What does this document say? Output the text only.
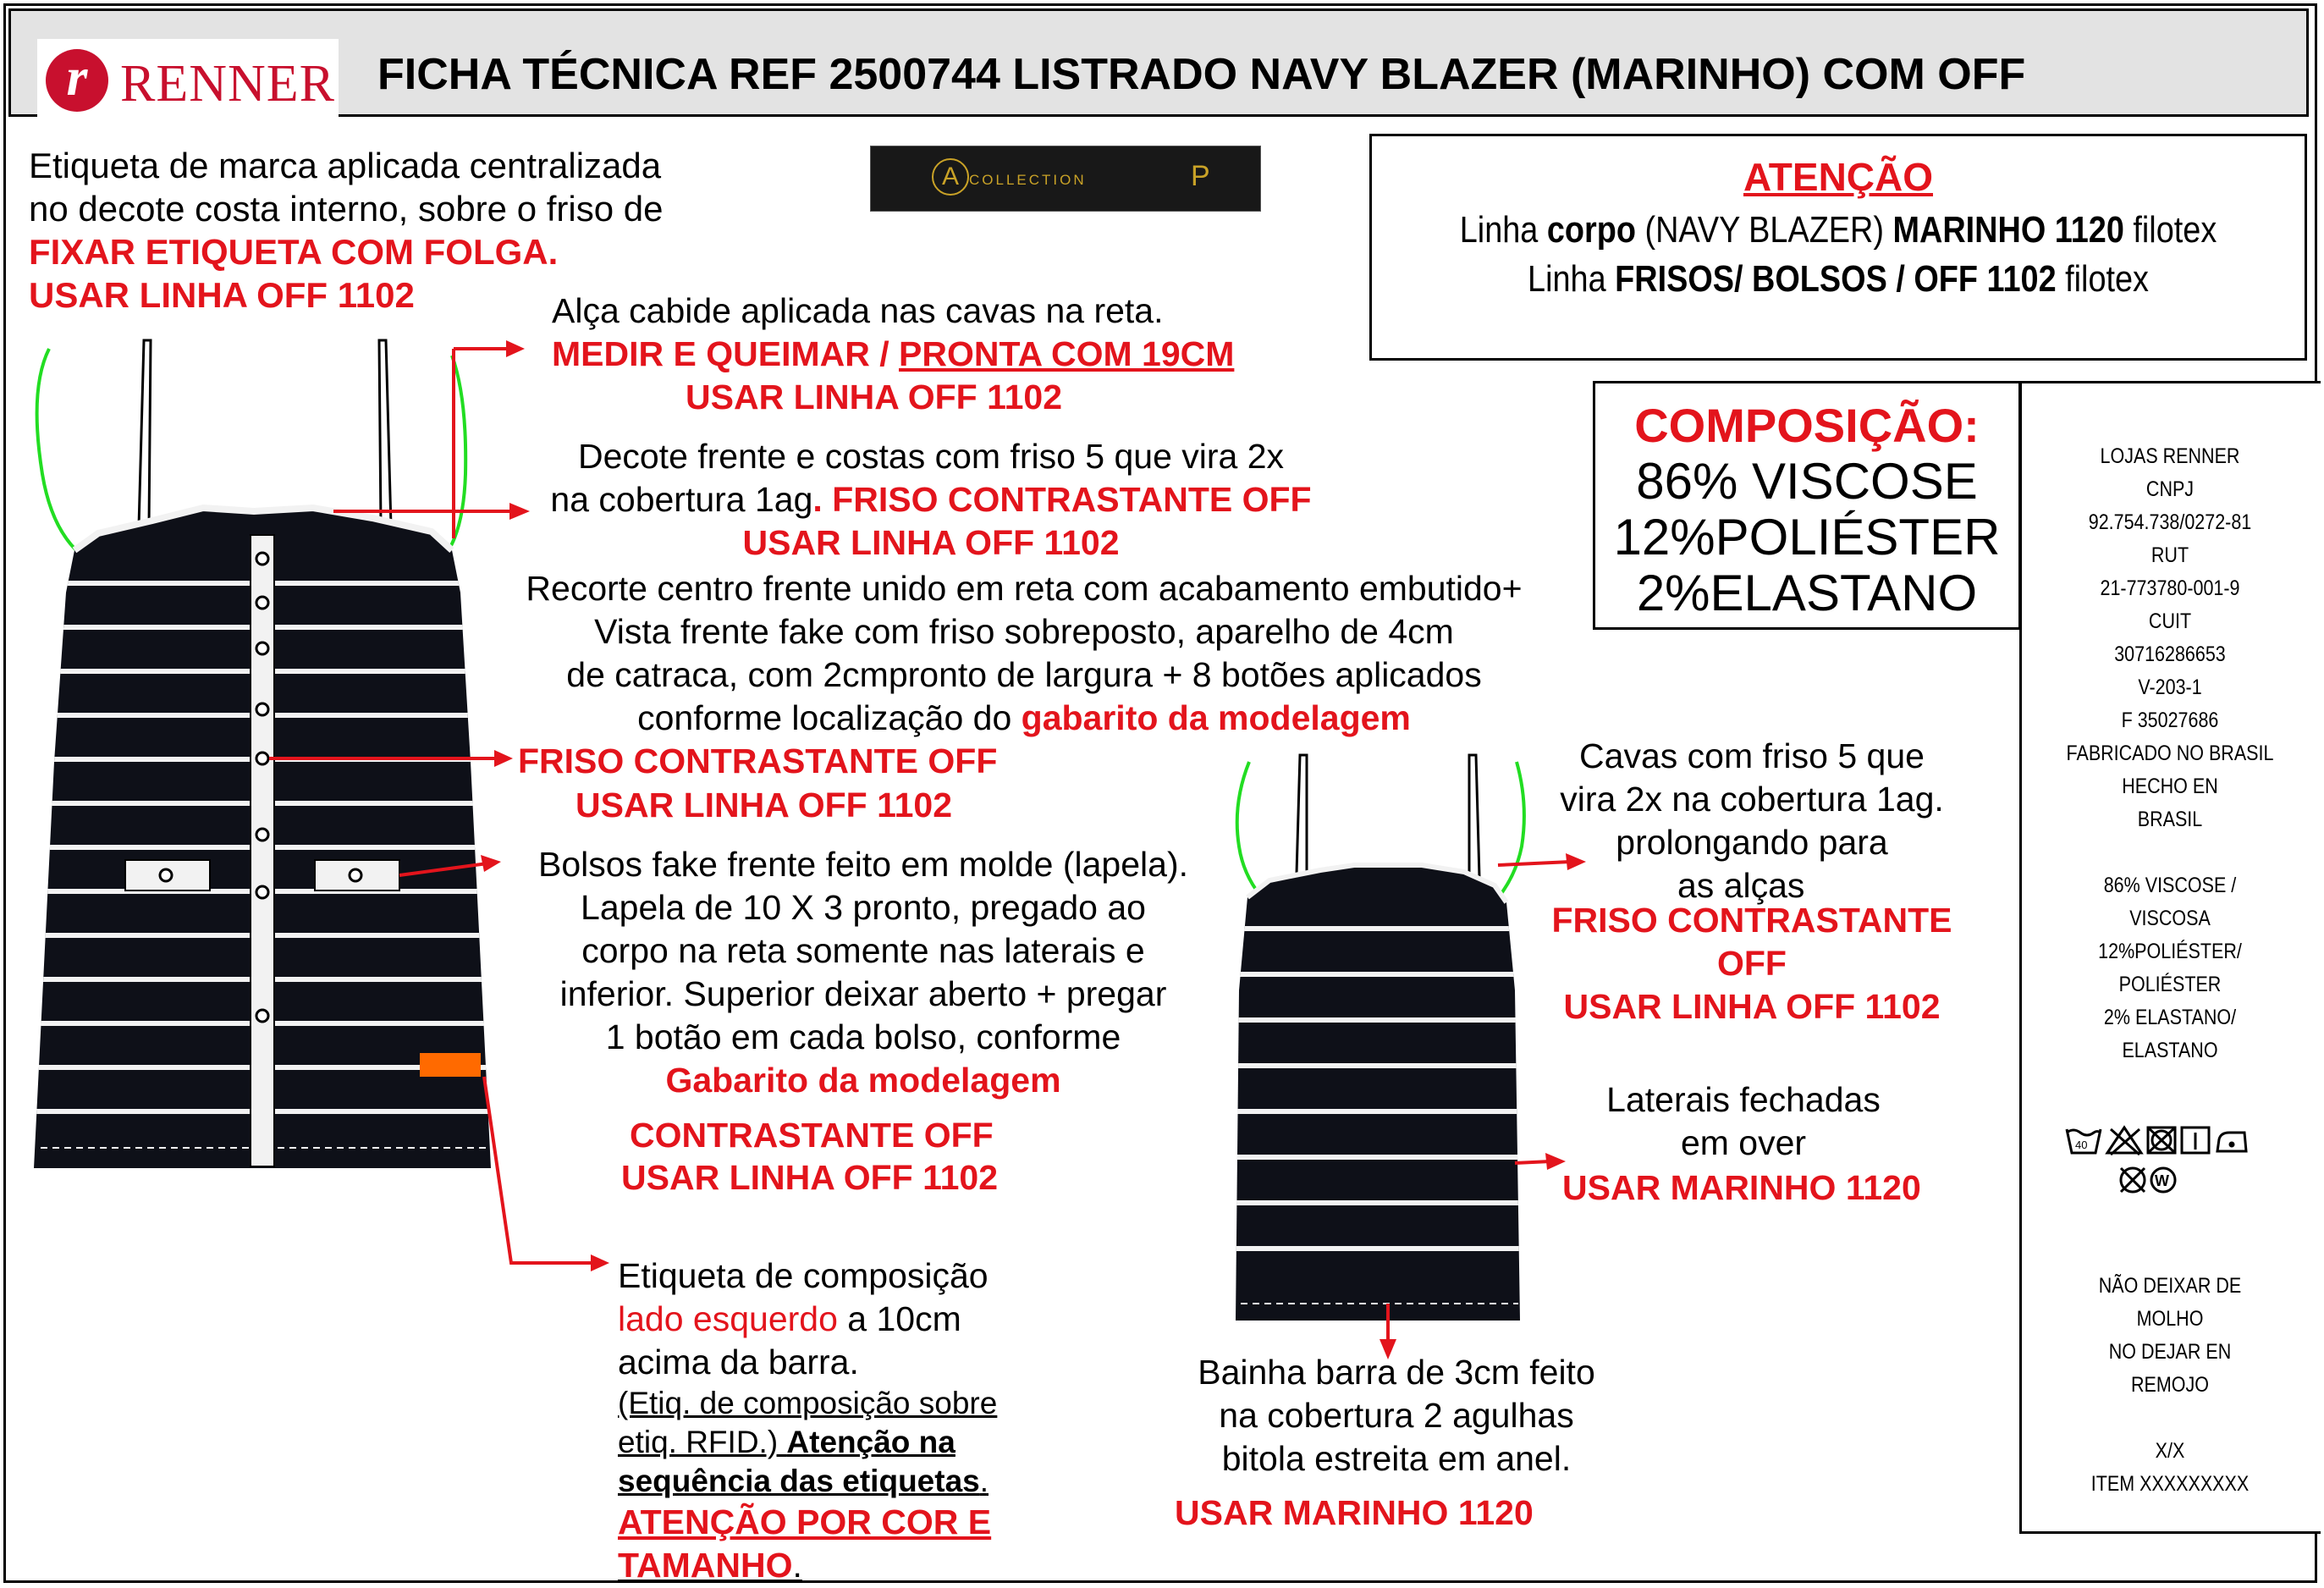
r RENNER FICHA TÉCNICA REF 2500744 LISTRADO NAVY BLAZER (MARINHO) COM OFF
A COLLECTION	P	ATENÇÃO
Linha corpo (NAVY BLAZER) MARINHO 1120 filotex
Linha FRISOS/ BOLSOS / OFF 1102 filotex
COMPOSIÇÃO:
86% VISCOSE
12%POLIÉSTER
2%ELASTANO
LOJAS RENNER
CNPJ
92.754.738/0272-81
RUT
21-773780-001-9
CUIT
30716286653
V-203-1
F 35027686
FABRICADO NO BRASIL
HECHO EN
BRASIL
86% VISCOSE /
VISCOSA
12%POLIÉSTER/
POLIÉSTER
2% ELASTANO/
ELASTANO
40
W
NÃO DEIXAR DE
MOLHO
NO DEJAR EN
REMOJO
X/X
ITEM XXXXXXXXX
Etiqueta de marca aplicada centralizada
no decote costa interno, sobre o friso de
FIXAR ETIQUETA COM FOLGA.
USAR LINHA OFF 1102	Alça cabide aplicada nas cavas na reta.
MEDIR E QUEIMAR / PRONTA COM 19CM
USAR LINHA OFF 1102
Decote frente e costas com friso 5 que vira 2x
na cobertura 1ag. FRISO CONTRASTANTE OFF
USAR LINHA OFF 1102
Recorte centro frente unido em reta com acabamento embutido+
Vista frente fake com friso sobreposto, aparelho de 4cm
de catraca, com 2cmpronto de largura + 8 botões aplicados
conforme localização do gabarito da modelagem
FRISO CONTRASTANTE OFF
USAR LINHA OFF 1102
Bolsos fake frente feito em molde (lapela).
Lapela de 10 X 3 pronto, pregado ao
corpo na reta somente nas laterais e
inferior. Superior deixar aberto + pregar
1 botão em cada bolso, conforme
Gabarito da modelagem
CONTRASTANTE OFF
USAR LINHA OFF 1102
Etiqueta de composição
lado esquerdo a 10cm
acima da barra.
(Etiq. de composição sobre
etiq. RFID.) Atenção na
sequência das etiquetas.
ATENÇÃO POR COR E
TAMANHO.
Cavas com friso 5 que
vira 2x na cobertura 1ag.
prolongando para
as alças
FRISO CONTRASTANTE
OFF
USAR LINHA OFF 1102
Laterais fechadas
em over
USAR MARINHO 1120
Bainha barra de 3cm feito
na cobertura 2 agulhas
bitola estreita em anel.
USAR MARINHO 1120
